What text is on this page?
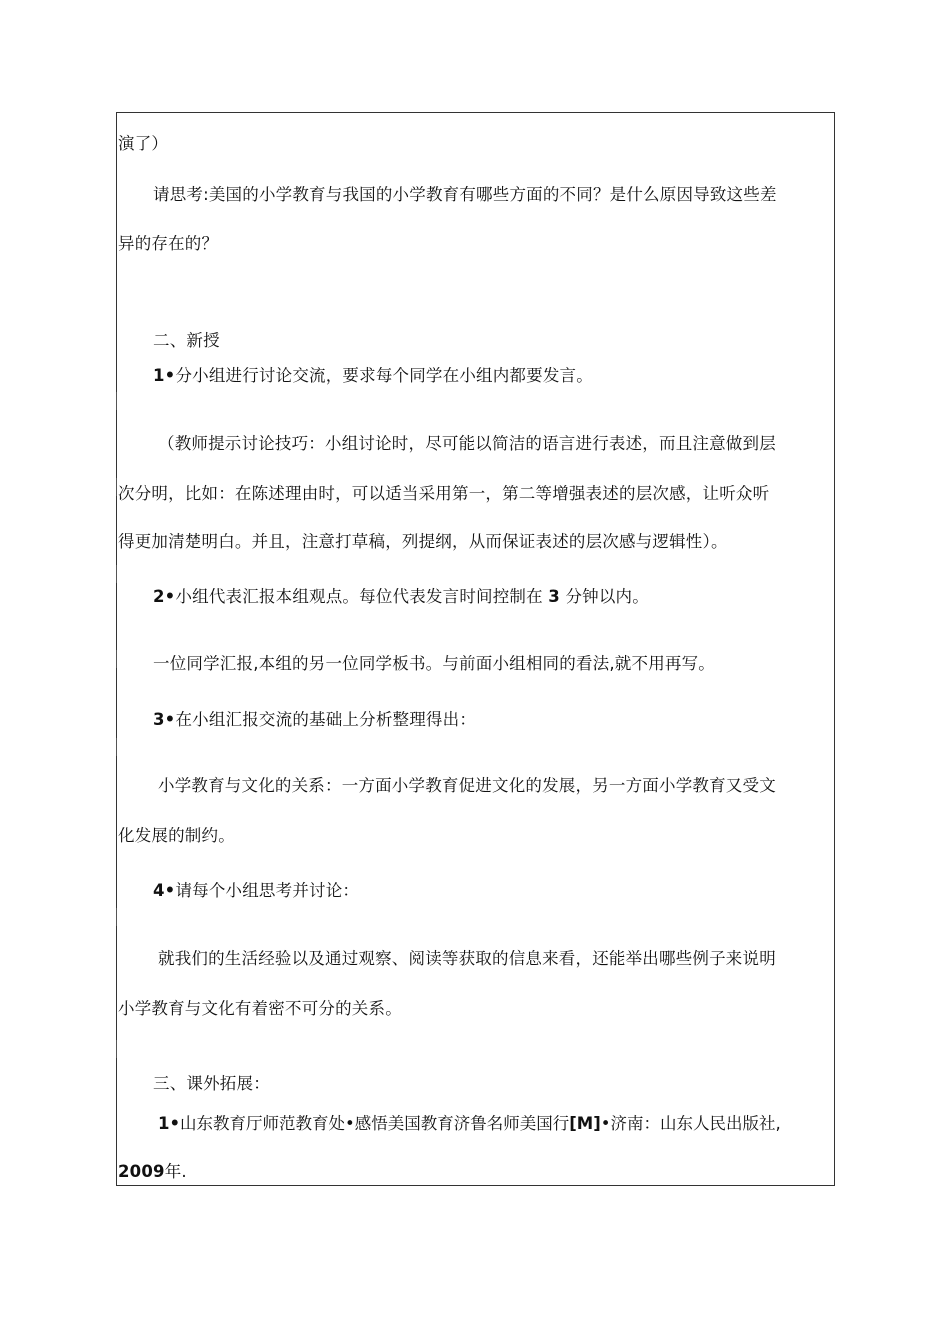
演了）

请思考:美国的小学教育与我国的小学教育有哪些方面的不同？是什么原因导致这些差

异的存在的？

二、新授

1•分小组进行讨论交流，要求每个同学在小组内都要发言。

（教师提示讨论技巧：小组讨论时，尽可能以简洁的语言进行表述，而且注意做到层

次分明，比如：在陈述理由时，可以适当采用第一，第二等增强表述的层次感，让听众听

得更加清楚明白。并且，注意打草稿，列提纲，从而保证表述的层次感与逻辑性）。

2•小组代表汇报本组观点。每位代表发言时间控制在 3 分钟以内。

一位同学汇报,本组的另一位同学板书。与前面小组相同的看法,就不用再写。

3•在小组汇报交流的基础上分析整理得出：

小学教育与文化的关系：一方面小学教育促进文化的发展，另一方面小学教育又受文

化发展的制约。

4•请每个小组思考并讨论：

就我们的生活经验以及通过观察、阅读等获取的信息来看，还能举出哪些例子来说明

小学教育与文化有着密不可分的关系。

三、课外拓展：

1•山东教育厅师范教育处•感悟美国教育济鲁名师美国行[M]•济南：山东人民出版社,

2009年.
